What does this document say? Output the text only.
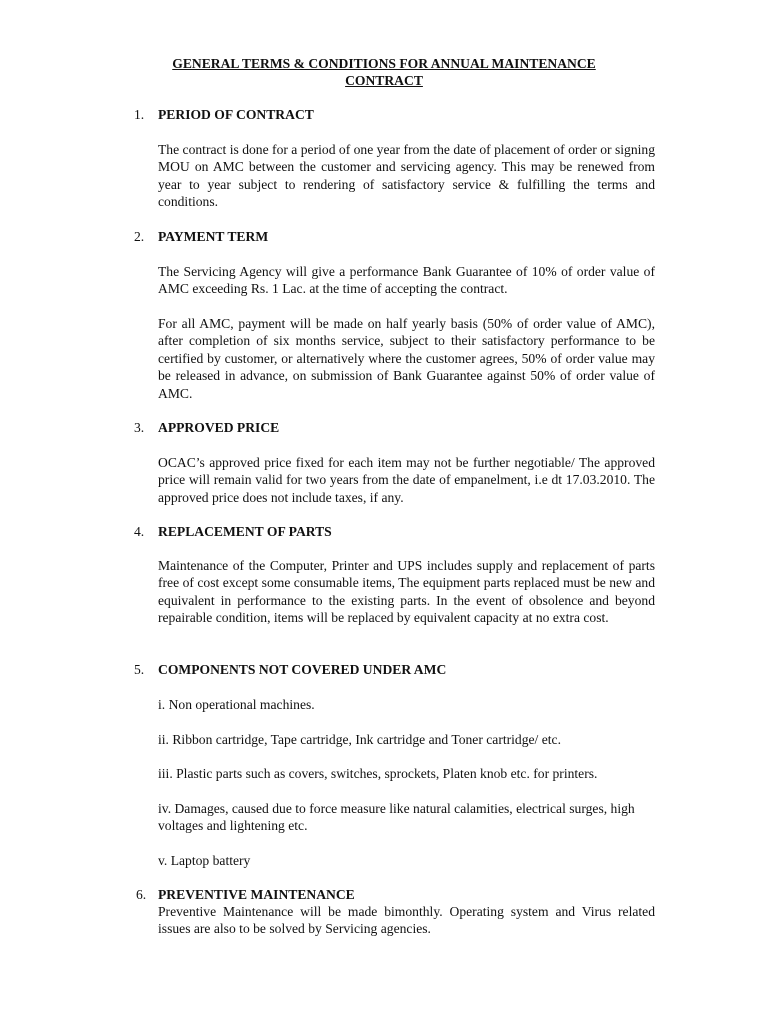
GENERAL TERMS & CONDITIONS FOR ANNUAL MAINTENANCE
CONTRACT
1. PERIOD OF CONTRACT
The contract is done for a period of one year from the date of placement of order or signing MOU on AMC between the customer and servicing agency. This may be renewed from year to year subject to rendering of satisfactory service & fulfilling the terms and conditions.
2. PAYMENT TERM
The Servicing Agency will give a performance Bank Guarantee of 10% of order value of AMC exceeding Rs. 1 Lac. at the time of accepting the contract.
For all AMC, payment will be made on half yearly basis (50% of order value of AMC), after completion of six months service, subject to their satisfactory performance to be certified by customer, or alternatively where the customer agrees, 50% of order value may be released in advance, on submission of Bank Guarantee against 50% of order value of AMC.
3. APPROVED PRICE
OCAC’s approved price fixed for each item may not be further negotiable/ The approved price will remain valid for two years from the date of empanelment, i.e dt 17.03.2010. The approved price does not include taxes, if any.
4. REPLACEMENT OF PARTS
Maintenance of the Computer, Printer and UPS includes supply and replacement of parts free of cost except some consumable items, The equipment parts replaced must be new and equivalent in performance to the existing parts. In the event of obsolence and beyond repairable condition, items will be replaced by equivalent capacity at no extra cost.
5. COMPONENTS NOT COVERED UNDER AMC
i. Non operational machines.
ii. Ribbon cartridge, Tape cartridge, Ink cartridge and Toner cartridge/ etc.
iii. Plastic parts such as covers, switches, sprockets, Platen knob etc. for printers.
iv. Damages, caused due to force measure like natural calamities, electrical surges, high voltages and lightening etc.
v. Laptop battery
6. PREVENTIVE MAINTENANCE
Preventive Maintenance will be made bimonthly. Operating system and Virus related issues are also to be solved by Servicing agencies.
